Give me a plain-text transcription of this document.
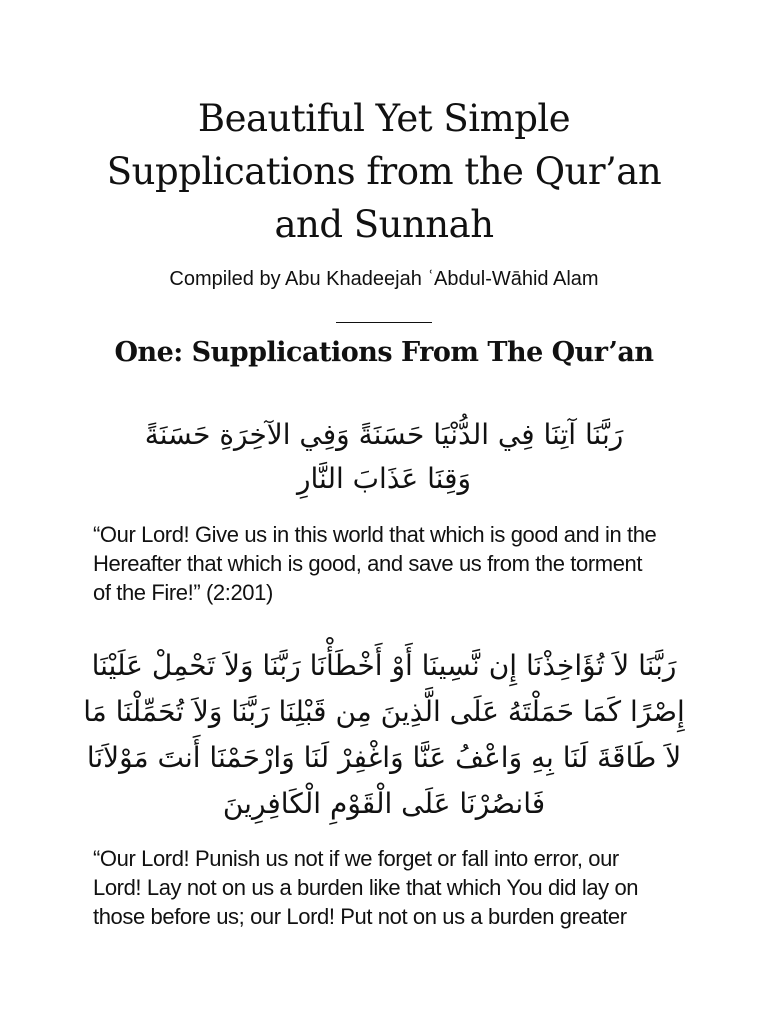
Beautiful Yet Simple
Supplications from the Qur’an
and Sunnah

Compiled by Abu Khadeejah ʿAbdul-Wāhid Alam

One: Supplications From The Qur’an

رَبَّنَا آتِنَا فِي الدُّنْيَا حَسَنَةً وَفِي الآخِرَةِ حَسَنَةً
وَقِنَا عَذَابَ النَّارِ

“Our Lord! Give us in this world that which is good and in the
Hereafter that which is good, and save us from the torment
of the Fire!” (2:201)

رَبَّنَا لاَ تُؤَاخِذْنَا إِن نَّسِينَا أَوْ أَخْطَأْنَا رَبَّنَا وَلاَ تَحْمِلْ عَلَيْنَا
إِصْرًا كَمَا حَمَلْتَهُ عَلَى الَّذِينَ مِن قَبْلِنَا رَبَّنَا وَلاَ تُحَمِّلْنَا مَا
لاَ طَاقَةَ لَنَا بِهِ وَاعْفُ عَنَّا وَاغْفِرْ لَنَا وَارْحَمْنَا أَنتَ مَوْلاَنَا
فَانصُرْنَا عَلَى الْقَوْمِ الْكَافِرِينَ

“Our Lord! Punish us not if we forget or fall into error, our
Lord! Lay not on us a burden like that which You did lay on
those before us; our Lord! Put not on us a burden greater
